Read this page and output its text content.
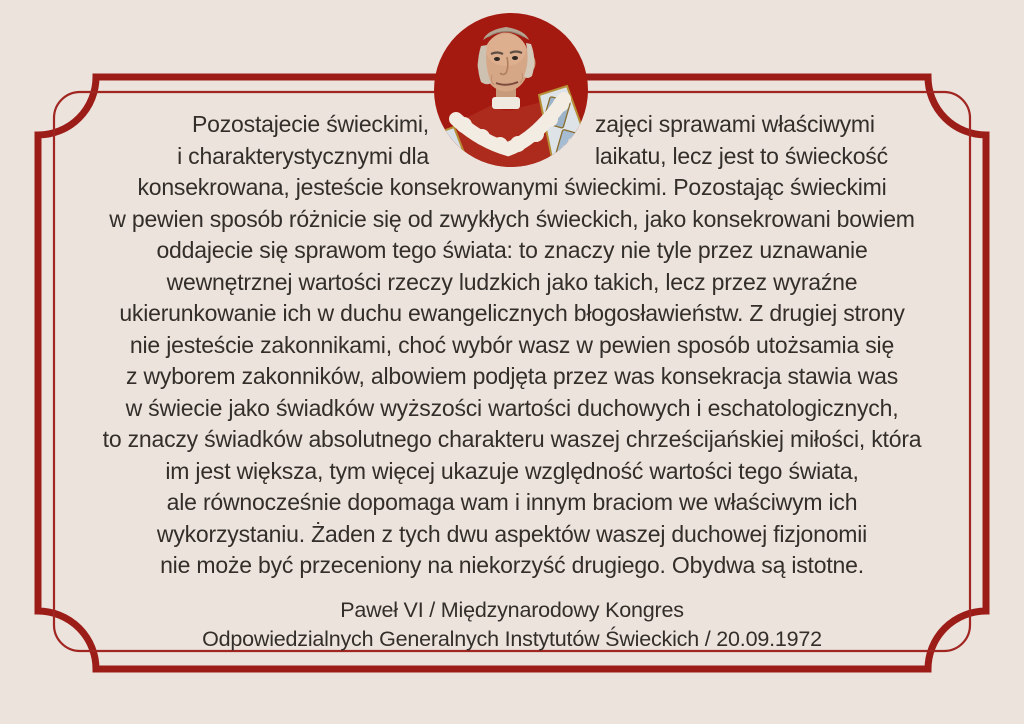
Pozostajecie świeckimi,	zajęci sprawami właściwymi
i charakterystycznymi dla	laikatu, lecz jest to świeckość
konsekrowana, jesteście konsekrowanymi świeckimi. Pozostając świeckimi
w pewien sposób różnicie się od zwykłych świeckich, jako konsekrowani bowiem
oddajecie się sprawom tego świata: to znaczy nie tyle przez uznawanie
wewnętrznej wartości rzeczy ludzkich jako takich, lecz przez wyraźne
ukierunkowanie ich w duchu ewangelicznych błogosławieństw. Z drugiej strony
nie jesteście zakonnikami, choć wybór wasz w pewien sposób utożsamia się
z wyborem zakonników, albowiem podjęta przez was konsekracja stawia was
w świecie jako świadków wyższości wartości duchowych i eschatologicznych,
to znaczy świadków absolutnego charakteru waszej chrześcijańskiej miłości, która
im jest większa, tym więcej ukazuje względność wartości tego świata,
ale równocześnie dopomaga wam i innym braciom we właściwym ich
wykorzystaniu. Żaden z tych dwu aspektów waszej duchowej fizjonomii
nie może być przeceniony na niekorzyść drugiego. Obydwa są istotne.
Paweł VI / Międzynarodowy Kongres
Odpowiedzialnych Generalnych Instytutów Świeckich / 20.09.1972
